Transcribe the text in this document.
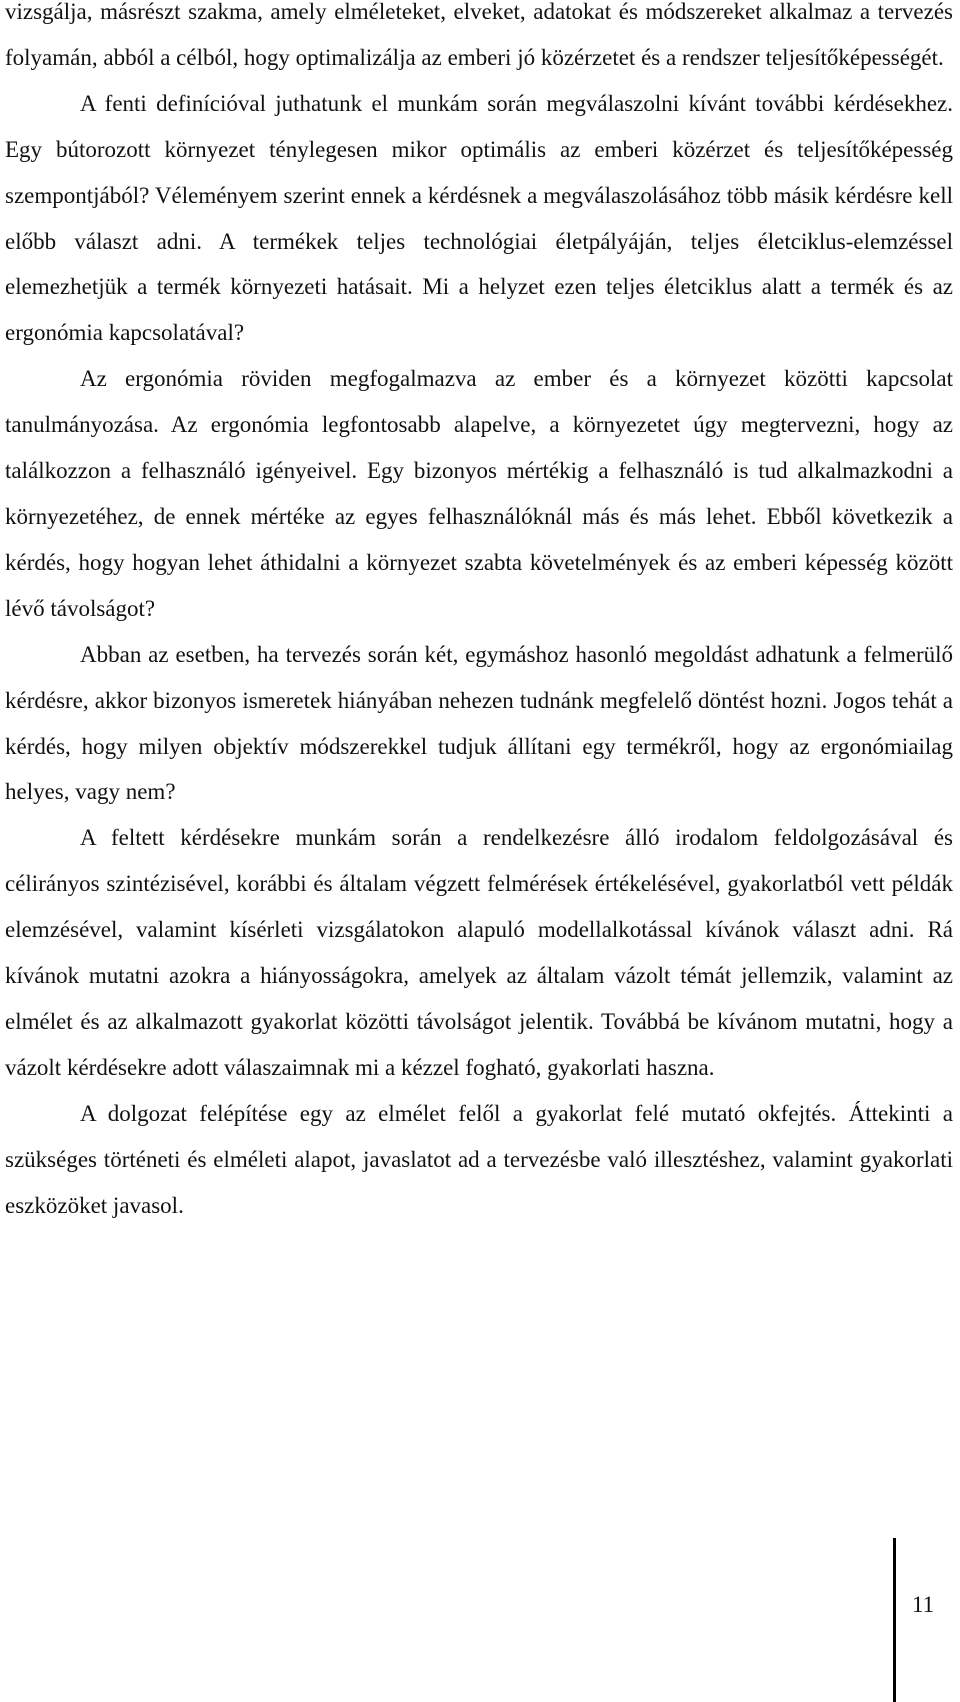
vizsgálja, másrészt szakma, amely elméleteket, elveket, adatokat és módszereket alkalmaz a tervezés folyamán, abból a célból, hogy optimalizálja az emberi jó közérzetet és a rendszer teljesítőképességét.

A fenti definícióval juthatunk el munkám során megválaszolni kívánt további kérdésekhez. Egy bútorozott környezet ténylegesen mikor optimális az emberi közérzet és teljesítőképesség szempontjából? Véleményem szerint ennek a kérdésnek a megválaszolásához több másik kérdésre kell előbb választ adni. A termékek teljes technológiai életpályáján, teljes életciklus-elemzéssel elemezhetjük a termék környezeti hatásait. Mi a helyzet ezen teljes életciklus alatt a termék és az ergonómia kapcsolatával?

Az ergonómia röviden megfogalmazva az ember és a környezet közötti kapcsolat tanulmányozása. Az ergonómia legfontosabb alapelve, a környezetet úgy megtervezni, hogy az találkozzon a felhasználó igényeivel. Egy bizonyos mértékig a felhasználó is tud alkalmazkodni a környezetéhez, de ennek mértéke az egyes felhasználóknál más és más lehet. Ebből következik a kérdés, hogy hogyan lehet áthidalni a környezet szabta követelmények és az emberi képesség között lévő távolságot?

Abban az esetben, ha tervezés során két, egymáshoz hasonló megoldást adhatunk a felmerülő kérdésre, akkor bizonyos ismeretek hiányában nehezen tudnánk megfelelő döntést hozni. Jogos tehát a kérdés, hogy milyen objektív módszerekkel tudjuk állítani egy termékről, hogy az ergonómiailag helyes, vagy nem?

A feltett kérdésekre munkám során a rendelkezésre álló irodalom feldolgozásával és célirányos szintézisével, korábbi és általam végzett felmérések értékelésével, gyakorlatból vett példák elemzésével, valamint kísérleti vizsgálatokon alapuló modellalkotással kívánok választ adni. Rá kívánok mutatni azokra a hiányosságokra, amelyek az általam vázolt témát jellemzik, valamint az elmélet és az alkalmazott gyakorlat közötti távolságot jelentik. Továbbá be kívánom mutatni, hogy a vázolt kérdésekre adott válaszaimnak mi a kézzel fogható, gyakorlati haszna.

A dolgozat felépítése egy az elmélet felől a gyakorlat felé mutató okfejtés. Áttekinti a szükséges történeti és elméleti alapot, javaslatot ad a tervezésbe való illesztéshez, valamint gyakorlati eszközöket javasol.

11
